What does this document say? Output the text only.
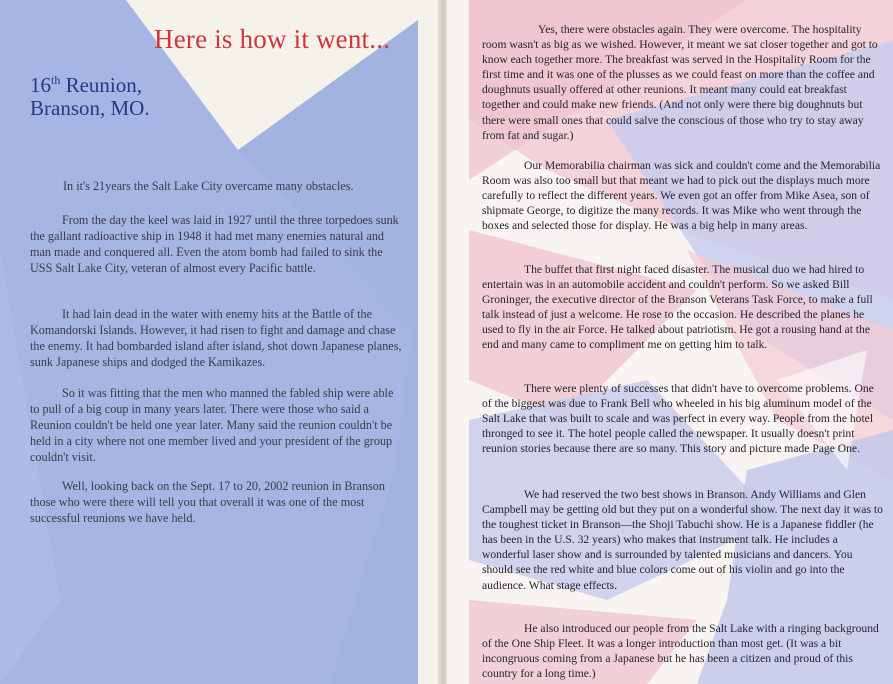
Here is how it went...
16th Reunion,
Branson, MO.

In it's 21years the Salt Lake City overcame many obstacles.

From the day the keel was laid in 1927 until the three torpedoes sunk the gallant radioactive ship in 1948 it had met many enemies natural and man made and conquered all. Even the atom bomb had failed to sink the USS Salt Lake City, veteran of almost every Pacific battle.

It had lain dead in the water with enemy hits at the Battle of the Komandorski Islands. However, it had risen to fight and damage and chase the enemy. It had bombarded island after island, shot down Japanese planes, sunk Japanese ships and dodged the Kamikazes.

So it was fitting that the men who manned the fabled ship were able to pull of a big coup in many years later. There were those who said a Reunion couldn't be held one year later. Many said the reunion couldn't be held in a city where not one member lived and your president of the group couldn't visit.

Well, looking back on the Sept. 17 to 20, 2002 reunion in Branson those who were there will tell you that overall it was one of the most successful reunions we have held.

Yes, there were obstacles again. They were overcome. The hospitality room wasn't as big as we wished. However, it meant we sat closer together and got to know each together more. The breakfast was served in the Hospitality Room for the first time and it was one of the plusses as we could feast on more than the coffee and doughnuts usually offered at other reunions. It meant many could eat breakfast together and could make new friends. (And not only were there big doughnuts but there were small ones that could salve the conscious of those who try to stay away from fat and sugar.)

Our Memorabilia chairman was sick and couldn't come and the Memorabilia Room was also too small but that meant we had to pick out the displays much more carefully to reflect the different years. We even got an offer from Mike Asea, son of shipmate George, to digitize the many records. It was Mike who went through the boxes and selected those for display. He was a big help in many areas.

The buffet that first night faced disaster. The musical duo we had hired to entertain was in an automobile accident and couldn't perform. So we asked Bill Groninger, the executive director of the Branson Veterans Task Force, to make a full talk instead of just a welcome. He rose to the occasion. He described the planes he used to fly in the air Force. He talked about patriotism. He got a rousing hand at the end and many came to compliment me on getting him to talk.

There were plenty of successes that didn't have to overcome problems. One of the biggest was due to Frank Bell who wheeled in his big aluminum model of the Salt Lake that was built to scale and was perfect in every way. People from the hotel thronged to see it. The hotel people called the newspaper. It usually doesn't print reunion stories because there are so many. This story and picture made Page One.

We had reserved the two best shows in Branson. Andy Williams and Glen Campbell may be getting old but they put on a wonderful show. The next day it was to the toughest ticket in Branson—the Shoji Tabuchi show. He is a Japanese fiddler (he has been in the U.S. 32 years) who makes that instrument talk. He includes a wonderful laser show and is surrounded by talented musicians and dancers. You should see the red white and blue colors come out of his violin and go into the audience. What stage effects.

He also introduced our people from the Salt Lake with a ringing background of the One Ship Fleet. It was a longer introduction than most get. (It was a bit incongruous coming from a Japanese but he has been a citizen and proud of this country for a long time.)
